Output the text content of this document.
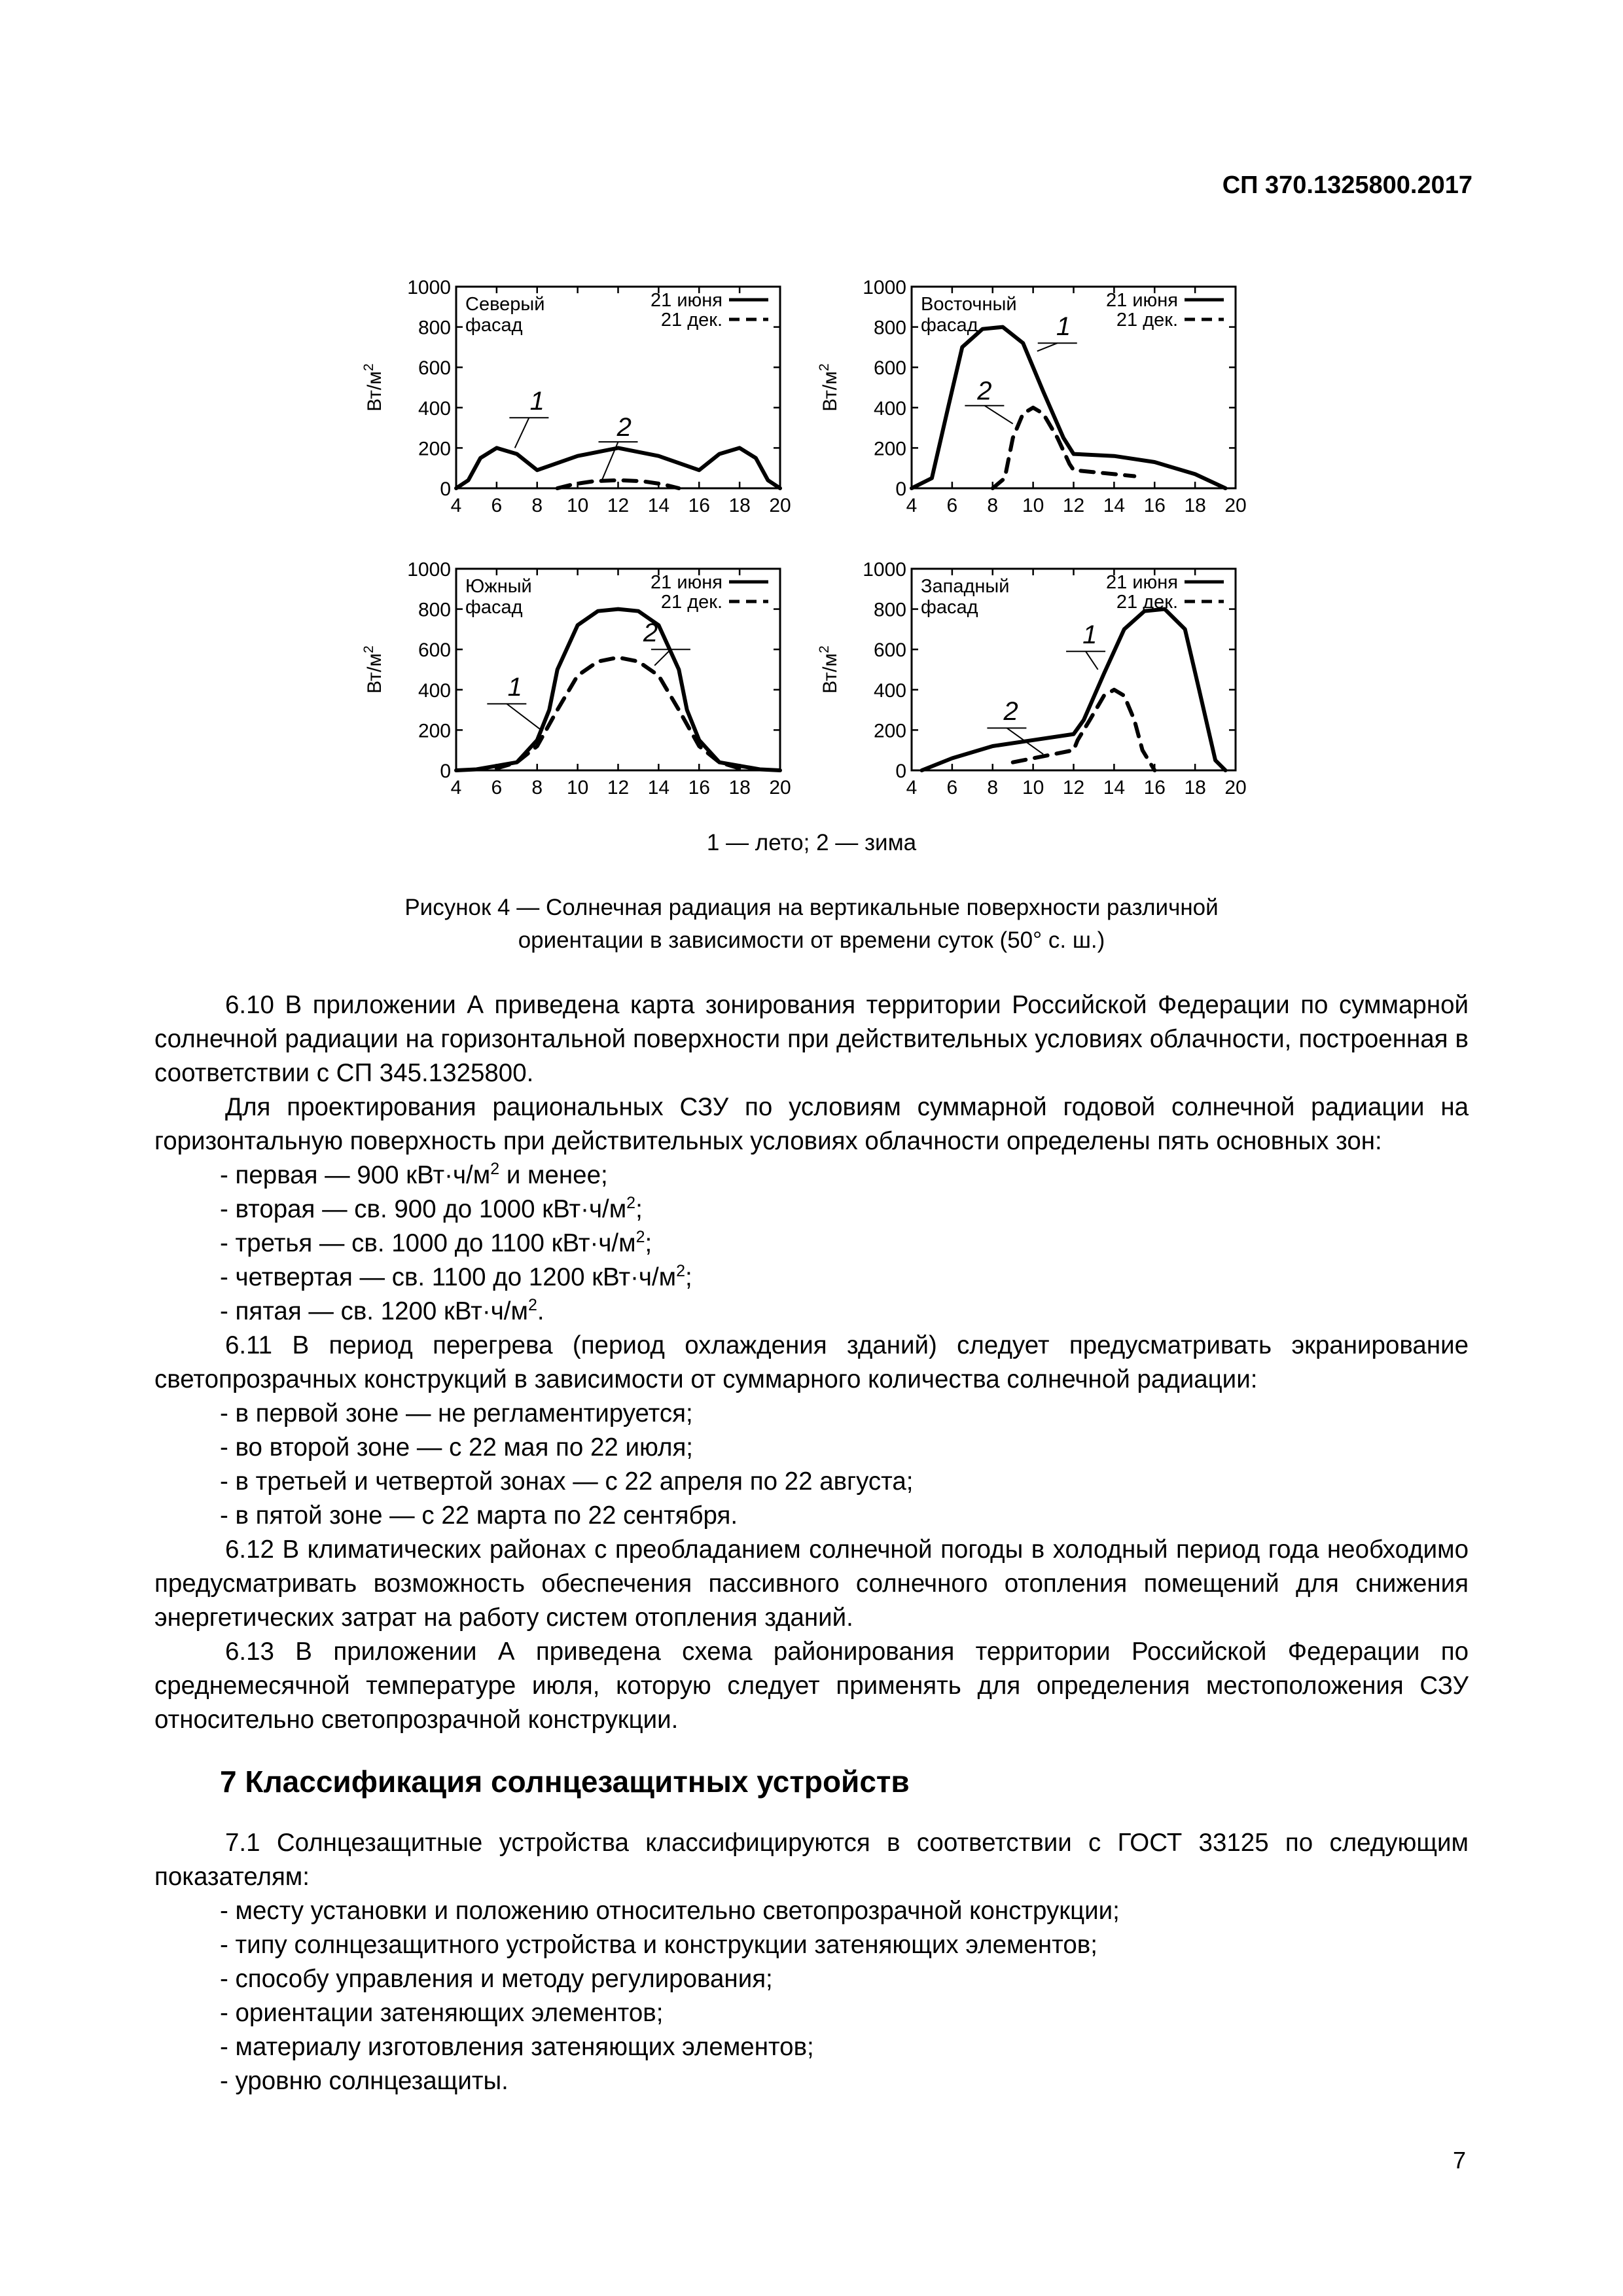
СП 370.1325800.2017
4 6 8 10 12 14 16 18 20
0
200
400
600
800
1000
$Вт/м^2$
Северый
фасад
21 июня
21 дек.
1
2
4 6 8 10 12 14 16 18 20
0
200
400
600
800
1000
$Вт/м^2$
Восточный
фасад
21 июня
21 дек.
1
2
4 6 8 10 12 14 16 18 20
0
200
400
600
800
1000
$Вт/м^2$
Южный
фасад
21 июня
21 дек.
1
2
4 6 8 10 12 14 16 18 20
0
200
400
600
800
1000
$Вт/м^2$
Западный
фасад
21 июня
21 дек.
1
2
1 — лето; 2 — зима
Рисунок 4 — Солнечная радиация на вертикальные поверхности различной
ориентации в зависимости от времени суток (50° с. ш.)

6.10 В приложении А приведена карта зонирования территории Российской Федерации по суммарной солнечной радиации на горизонтальной поверхности при действительных условиях облачности, построенная в соответствии с СП 345.1325800.

Для проектирования рациональных СЗУ по условиям суммарной годовой солнечной радиации на горизонтальную поверхность при действительных условиях облачности определены пять основных зон:

- первая — 900 $кВт\cdot ч/м^2$ и менее;

- вторая — св. 900 до 1000 $кВт\cdot ч/м^2$;

- третья — св. 1000 до 1100 $кВт\cdot ч/м^2$;

- четвертая — св. 1100 до 1200 $кВт\cdot ч/м^2$;

- пятая — св. 1200 $кВт\cdot ч/м^2$.

6.11 В период перегрева (период охлаждения зданий) следует предусматривать экранирование светопрозрачных конструкций в зависимости от суммарного количества солнечной радиации:

- в первой зоне — не регламентируется;

- во второй зоне — с 22 мая по 22 июля;

- в третьей и четвертой зонах — с 22 апреля по 22 августа;

- в пятой зоне — с 22 марта по 22 сентября.

6.12 В климатических районах с преобладанием солнечной погоды в холодный период года необходимо предусматривать возможность обеспечения пассивного солнечного отопления помещений для снижения энергетических затрат на работу систем отопления зданий.

6.13 В приложении А приведена схема районирования территории Российской Федерации по среднемесячной температуре июля, которую следует применять для определения местоположения СЗУ относительно светопрозрачной конструкции.

7 Классификация солнцезащитных устройств

7.1 Солнцезащитные устройства классифицируются в соответствии с ГОСТ 33125 по следующим показателям:

- месту установки и положению относительно светопрозрачной конструкции;

- типу солнцезащитного устройства и конструкции затеняющих элементов;

- способу управления и методу регулирования;

- ориентации затеняющих элементов;

- материалу изготовления затеняющих элементов;

- уровню солнцезащиты.

7
